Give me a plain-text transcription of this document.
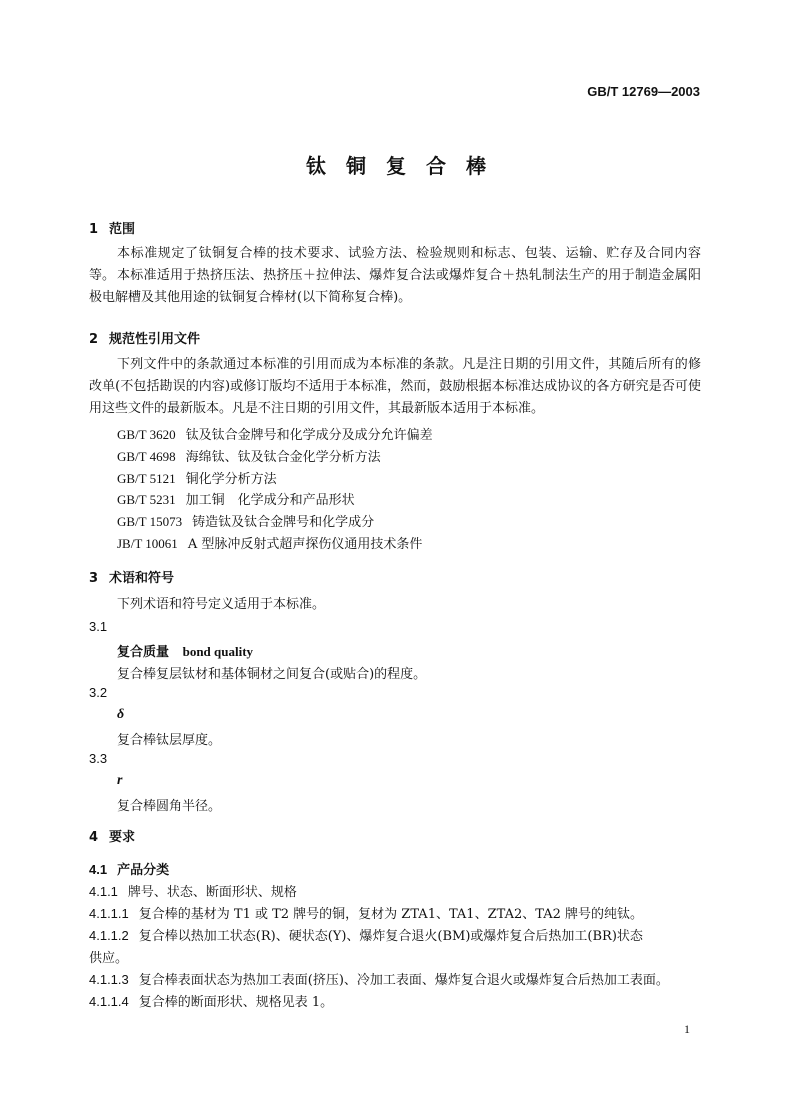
GB/T 12769—2003
钛铜复合棒
1 范围
本标准规定了钛铜复合棒的技术要求、试验方法、检验规则和标志、包装、运输、贮存及合同内容等。 本标准适用于热挤压法、热挤压＋拉伸法、爆炸复合法或爆炸复合＋热轧制法生产的用于制造金属阳极电解槽及其他用途的钛铜复合棒材(以下简称复合棒)。
2 规范性引用文件
下列文件中的条款通过本标准的引用而成为本标准的条款。凡是注日期的引用文件，其随后所有的修改单(不包括勘误的内容)或修订版均不适用于本标准，然而，鼓励根据本标准达成协议的各方研究是否可使用这些文件的最新版本。凡是不注日期的引用文件，其最新版本适用于本标准。
GB/T 3620 钛及钛合金牌号和化学成分及成分允许偏差
GB/T 4698 海绵钛、钛及钛合金化学分析方法
GB/T 5121 铜化学分析方法
GB/T 5231 加工铜　化学成分和产品形状
GB/T 15073 铸造钛及钛合金牌号和化学成分
JB/T 10061 A 型脉冲反射式超声探伤仪通用技术条件
3 术语和符号
下列术语和符号定义适用于本标准。
3.1
复合质量 bond quality
复合棒复层钛材和基体铜材之间复合(或贴合)的程度。
3.2
δ
复合棒钛层厚度。
3.3
r
复合棒圆角半径。
4 要求
4.1 产品分类
4.1.1 牌号、状态、断面形状、规格
4.1.1.1 复合棒的基材为 T1 或 T2 牌号的铜，复材为 ZTA1、TA1、ZTA2、TA2 牌号的纯钛。
4.1.1.2 复合棒以热加工状态(R)、硬状态(Y)、爆炸复合退火(BM)或爆炸复合后热加工(BR)状态
供应。
4.1.1.3 复合棒表面状态为热加工表面(挤压)、冷加工表面、爆炸复合退火或爆炸复合后热加工表面。
4.1.1.4 复合棒的断面形状、规格见表 1。
1
